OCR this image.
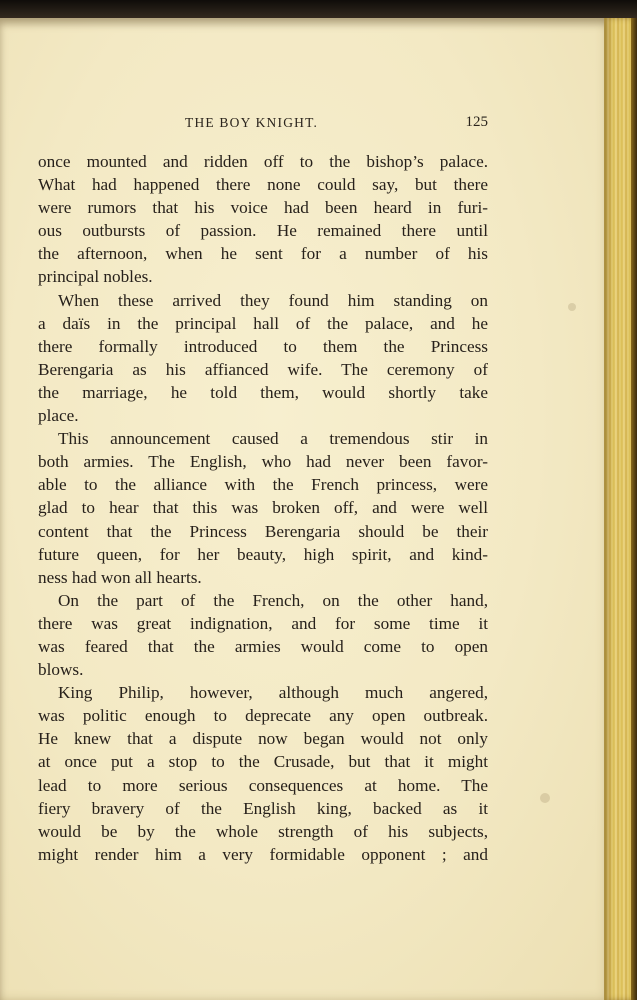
THE BOY KNIGHT.	125
once mounted and ridden off to the bishop’s palace.
What had happened there none could say, but there
were rumors that his voice had been heard in furi-
ous outbursts of passion. He remained there until
the afternoon, when he sent for a number of his
principal nobles.
When these arrived they found him standing on
a daïs in the principal hall of the palace, and he
there formally introduced to them the Princess
Berengaria as his affianced wife. The ceremony of
the marriage, he told them, would shortly take
place.
This announcement caused a tremendous stir in
both armies. The English, who had never been favor-
able to the alliance with the French princess, were
glad to hear that this was broken off, and were well
content that the Princess Berengaria should be their
future queen, for her beauty, high spirit, and kind-
ness had won all hearts.
On the part of the French, on the other hand,
there was great indignation, and for some time it
was feared that the armies would come to open
blows.
King Philip, however, although much angered,
was politic enough to deprecate any open outbreak.
He knew that a dispute now began would not only
at once put a stop to the Crusade, but that it might
lead to more serious consequences at home. The
fiery bravery of the English king, backed as it
would be by the whole strength of his subjects,
might render him a very formidable opponent ; and
